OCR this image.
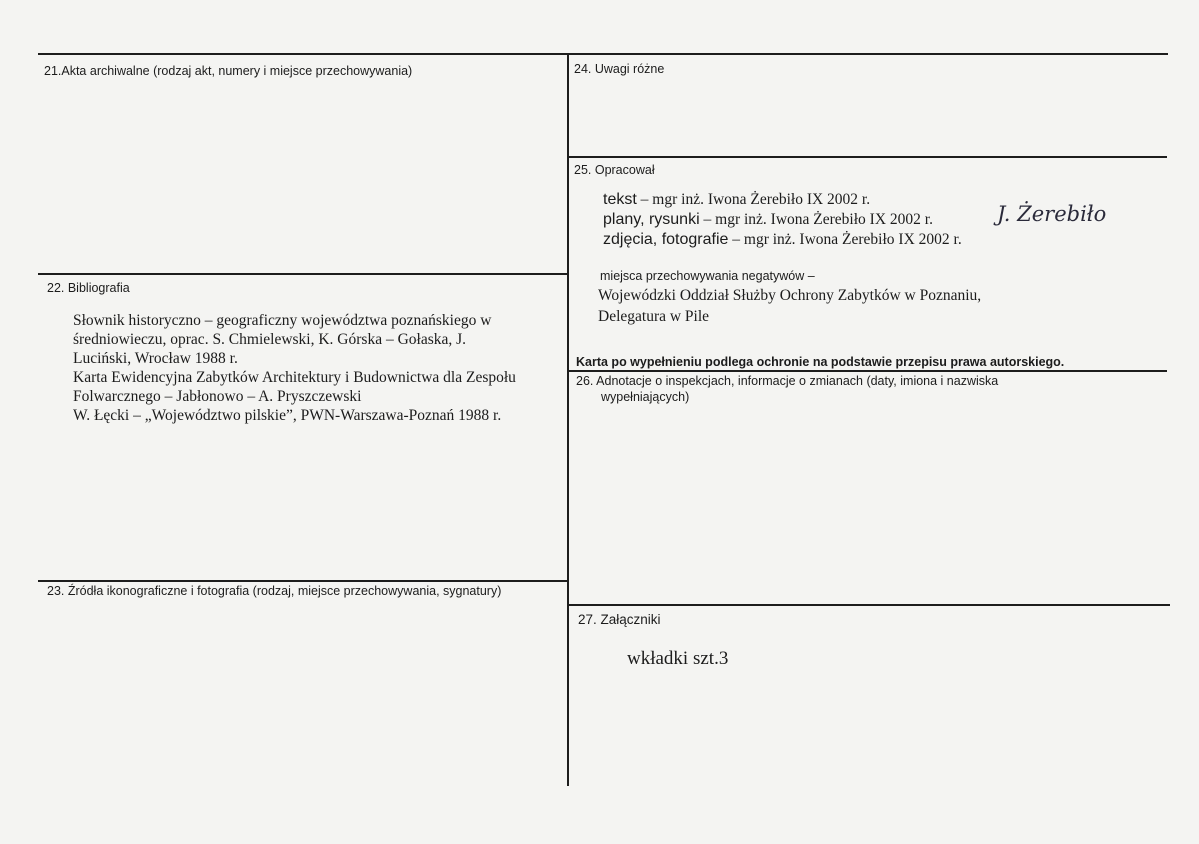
21.Akta archiwalne (rodzaj akt, numery i miejsce przechowywania)
22. Bibliografia
Słownik historyczno – geograficzny województwa poznańskiego w
średniowieczu, oprac. S. Chmielewski, K. Górska – Gołaska, J.
Luciński, Wrocław 1988 r.
Karta Ewidencyjna Zabytków Architektury i Budownictwa dla Zespołu
Folwarcznego – Jabłonowo – A. Pryszczewski
W. Łęcki – „Województwo pilskie”, PWN-Warszawa-Poznań 1988 r.
23. Źródła ikonograficzne i fotografia (rodzaj, miejsce przechowywania, sygnatury)
24. Uwagi różne
25. Opracował
tekst – mgr inż. Iwona Żerebiło IX 2002 r.
plany, rysunki – mgr inż. Iwona Żerebiło IX 2002 r.
zdjęcia, fotografie – mgr inż. Iwona Żerebiło IX 2002 r.
J. Żerebiło
miejsca przechowywania negatywów –
Wojewódzki Oddział Służby Ochrony Zabytków w Poznaniu,
Delegatura w Pile
Karta po wypełnieniu podlega ochronie na podstawie przepisu prawa autorskiego.
26. Adnotacje o inspekcjach, informacje o zmianach (daty, imiona i nazwiska
wypełniających)
27. Załączniki
wkładki szt.3
